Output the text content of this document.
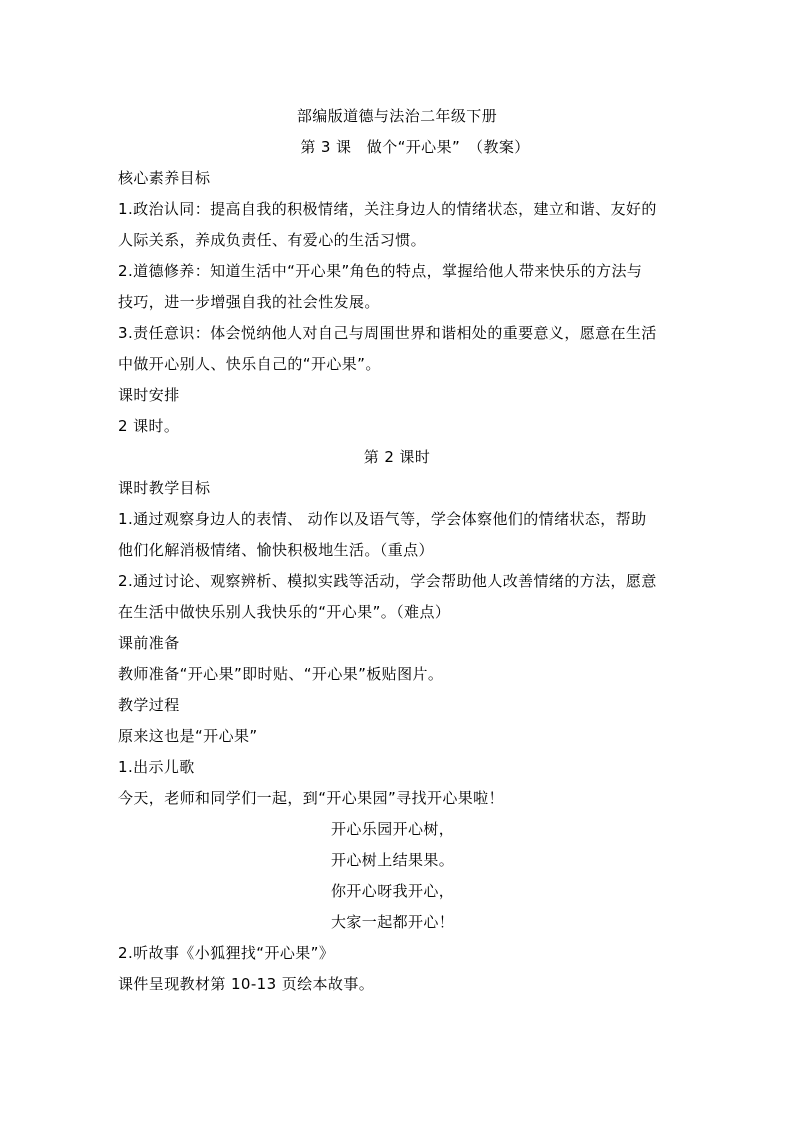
部编版道德与法治二年级下册
第 3 课　做个“开心果”　（教案）
核心素养目标
1.政治认同：提高自我的积极情绪，关注身边人的情绪状态，建立和谐、友好的
人际关系，养成负责任、有爱心的生活习惯。
2.道德修养：知道生活中“开心果”角色的特点，掌握给他人带来快乐的方法与
技巧，进一步增强自我的社会性发展。
3.责任意识：体会悦纳他人对自己与周围世界和谐相处的重要意义，愿意在生活
中做开心别人、快乐自己的“开心果”。
课时安排
2 课时。
第 2 课时
课时教学目标
1.通过观察身边人的表情、 动作以及语气等，学会体察他们的情绪状态，帮助
他们化解消极情绪、愉快积极地生活。（重点）
2.通过讨论、观察辨析、模拟实践等活动，学会帮助他人改善情绪的方法，愿意
在生活中做快乐别人我快乐的“开心果”。（难点）
课前准备
教师准备“开心果”即时贴、“开心果”板贴图片。
教学过程
原来这也是“开心果”
1.出示儿歌
今天，老师和同学们一起，到“开心果园”寻找开心果啦！
开心乐园开心树，
开心树上结果果。
你开心呀我开心，
大家一起都开心！
2.听故事《小狐狸找“开心果”》
课件呈现教材第 10-13 页绘本故事。
